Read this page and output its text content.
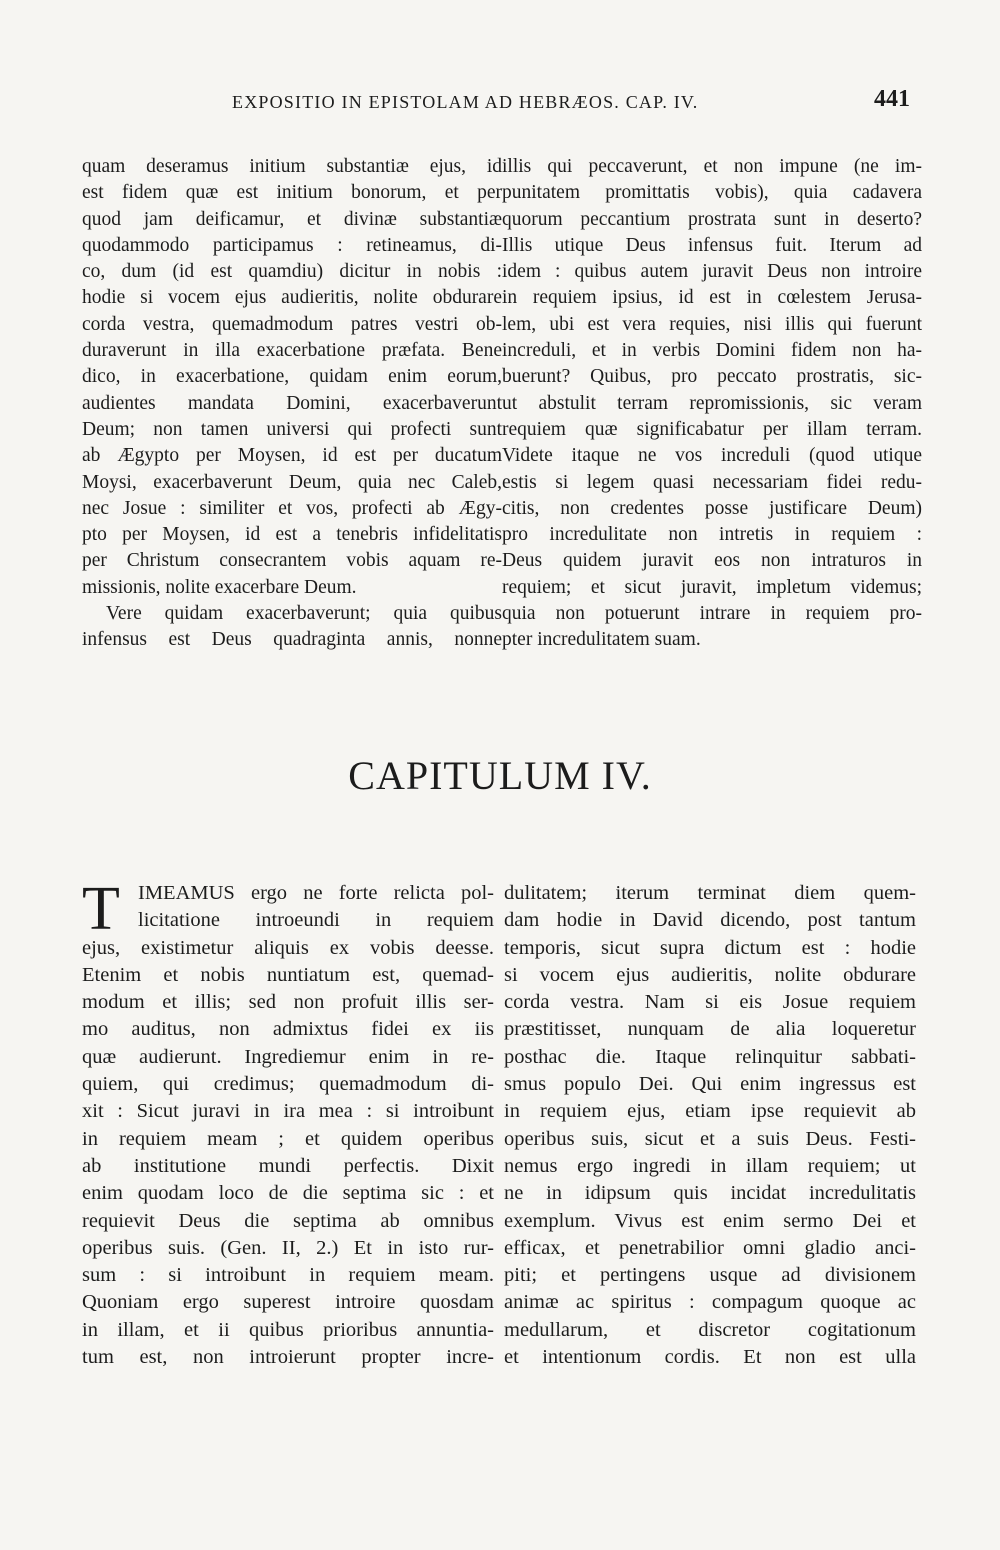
EXPOSITIO IN EPISTOLAM AD HEBRÆOS. CAP. IV.	441
quam deseramus initium substantiæ ejus, id
est fidem quæ est initium bonorum, et per
quod jam deificamur, et divinæ substantiæ
quodammodo participamus : retineamus, di-
co, dum (id est quamdiu) dicitur in nobis :
hodie si vocem ejus audieritis, nolite obdurare
corda vestra, quemadmodum patres vestri ob-
duraverunt in illa exacerbatione præfata. Bene
dico, in exacerbatione, quidam enim eorum,
audientes mandata Domini, exacerbaverunt
Deum; non tamen universi qui profecti sunt
ab Ægypto per Moysen, id est per ducatum
Moysi, exacerbaverunt Deum, quia nec Caleb,
nec Josue : similiter et vos, profecti ab Ægy-
pto per Moysen, id est a tenebris infidelitatis
per Christum consecrantem vobis aquam re-
missionis, nolite exacerbare Deum.
Vere quidam exacerbaverunt; quia quibus
infensus est Deus quadraginta annis, nonne
illis qui peccaverunt, et non impune (ne im-
punitatem promittatis vobis), quia cadavera
quorum peccantium prostrata sunt in deserto?
Illis utique Deus infensus fuit. Iterum ad
idem : quibus autem juravit Deus non introire
in requiem ipsius, id est in cœlestem Jerusa-
lem, ubi est vera requies, nisi illis qui fuerunt
increduli, et in verbis Domini fidem non ha-
buerunt? Quibus, pro peccato prostratis, sic-
ut abstulit terram repromissionis, sic veram
requiem quæ significabatur per illam terram.
Videte itaque ne vos increduli (quod utique
estis si legem quasi necessariam fidei redu-
citis, non credentes posse justificare Deum)
pro incredulitate non intretis in requiem :
Deus quidem juravit eos non intraturos in
requiem; et sicut juravit, impletum videmus;
quia non potuerunt intrare in requiem pro-
pter incredulitatem suam.
CAPITULUM IV.
T IMEAMUS ergo ne forte relicta pol-
licitatione introeundi in requiem
ejus, existimetur aliquis ex vobis deesse.
Etenim et nobis nuntiatum est, quemad-
modum et illis; sed non profuit illis ser-
mo auditus, non admixtus fidei ex iis
quæ audierunt. Ingrediemur enim in re-
quiem, qui credimus; quemadmodum di-
xit : Sicut juravi in ira mea : si introibunt
in requiem meam ; et quidem operibus
ab institutione mundi perfectis. Dixit
enim quodam loco de die septima sic : et
requievit Deus die septima ab omnibus
operibus suis. (Gen. II, 2.) Et in isto rur-
sum : si introibunt in requiem meam.
Quoniam ergo superest introire quosdam
in illam, et ii quibus prioribus annuntia-
tum est, non introierunt propter incre-
dulitatem; iterum terminat diem quem-
dam hodie in David dicendo, post tantum
temporis, sicut supra dictum est : hodie
si vocem ejus audieritis, nolite obdurare
corda vestra. Nam si eis Josue requiem
præstitisset, nunquam de alia loqueretur
posthac die. Itaque relinquitur sabbati-
smus populo Dei. Qui enim ingressus est
in requiem ejus, etiam ipse requievit ab
operibus suis, sicut et a suis Deus. Festi-
nemus ergo ingredi in illam requiem; ut
ne in idipsum quis incidat incredulitatis
exemplum. Vivus est enim sermo Dei et
efficax, et penetrabilior omni gladio anci-
piti; et pertingens usque ad divisionem
animæ ac spiritus : compagum quoque ac
medullarum, et discretor cogitationum
et intentionum cordis. Et non est ulla
